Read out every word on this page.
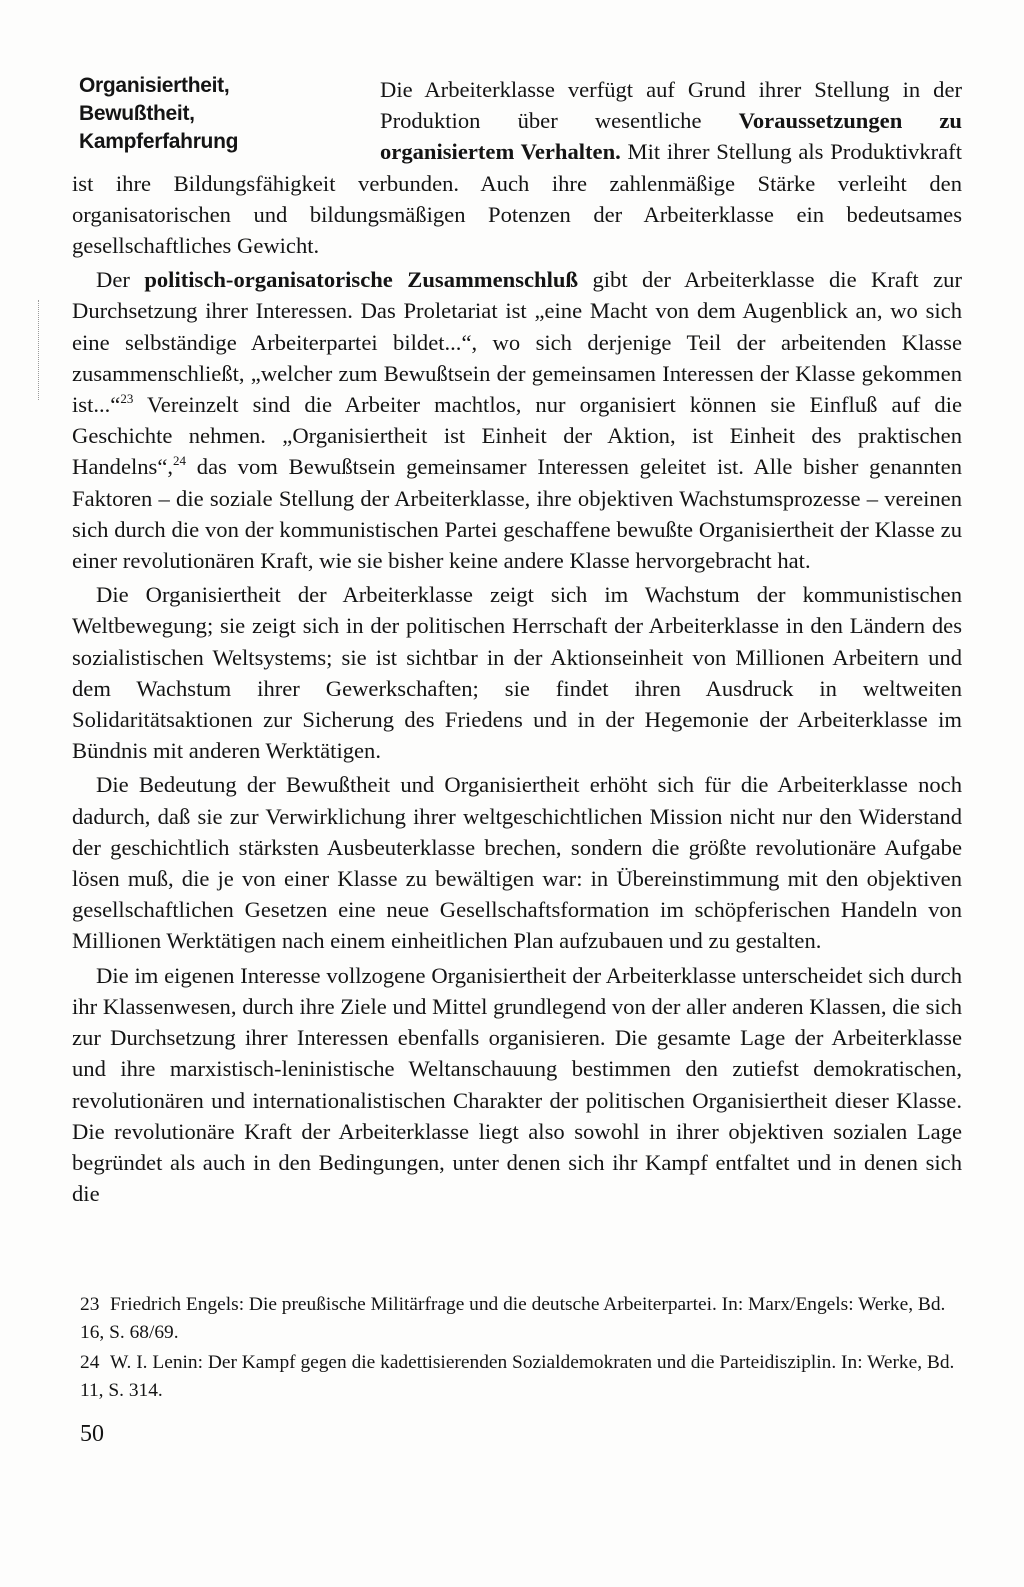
Organisiertheit,
Bewußtheit,
Kampferfahrung

Die Arbeiterklasse verfügt auf Grund ihrer Stellung in der Produktion über wesentliche Voraussetzungen zu organisiertem Verhalten. Mit ihrer Stellung als Produktivkraft ist ihre Bildungsfähigkeit verbunden. Auch ihre zahlenmäßige Stärke verleiht den organisatorischen und bildungsmäßigen Potenzen der Arbeiterklasse ein bedeutsames gesellschaftliches Gewicht.

Der politisch-organisatorische Zusammenschluß gibt der Arbeiterklasse die Kraft zur Durchsetzung ihrer Interessen. Das Proletariat ist „eine Macht von dem Augenblick an, wo sich eine selbständige Arbeiterpartei bildet...“, wo sich derjenige Teil der arbeitenden Klasse zusammenschließt, „welcher zum Bewußtsein der gemeinsamen Interessen der Klasse gekommen ist...“$^{23}$ Vereinzelt sind die Arbeiter machtlos, nur organisiert können sie Einfluß auf die Geschichte nehmen. „Organisiertheit ist Einheit der Aktion, ist Einheit des praktischen Handelns“,$^{24}$ das vom Bewußtsein gemeinsamer Interessen geleitet ist. Alle bisher genannten Faktoren – die soziale Stellung der Arbeiterklasse, ihre objektiven Wachstumsprozesse – vereinen sich durch die von der kommunistischen Partei geschaffene bewußte Organisiertheit der Klasse zu einer revolutionären Kraft, wie sie bisher keine andere Klasse hervorgebracht hat.

Die Organisiertheit der Arbeiterklasse zeigt sich im Wachstum der kommunistischen Weltbewegung; sie zeigt sich in der politischen Herrschaft der Arbeiterklasse in den Ländern des sozialistischen Weltsystems; sie ist sichtbar in der Aktionseinheit von Millionen Arbeitern und dem Wachstum ihrer Gewerkschaften; sie findet ihren Ausdruck in weltweiten Solidaritätsaktionen zur Sicherung des Friedens und in der Hegemonie der Arbeiterklasse im Bündnis mit anderen Werktätigen.

Die Bedeutung der Bewußtheit und Organisiertheit erhöht sich für die Arbeiterklasse noch dadurch, daß sie zur Verwirklichung ihrer weltgeschichtlichen Mission nicht nur den Widerstand der geschichtlich stärksten Ausbeuterklasse brechen, sondern die größte revolutionäre Aufgabe lösen muß, die je von einer Klasse zu bewältigen war: in Übereinstimmung mit den objektiven gesellschaftlichen Gesetzen eine neue Gesellschaftsformation im schöpferischen Handeln von Millionen Werktätigen nach einem einheitlichen Plan aufzubauen und zu gestalten.

Die im eigenen Interesse vollzogene Organisiertheit der Arbeiterklasse unterscheidet sich durch ihr Klassenwesen, durch ihre Ziele und Mittel grundlegend von der aller anderen Klassen, die sich zur Durchsetzung ihrer Interessen ebenfalls organisieren. Die gesamte Lage der Arbeiterklasse und ihre marxistisch-leninistische Weltanschauung bestimmen den zutiefst demokratischen, revolutionären und internationalistischen Charakter der politischen Organisiertheit dieser Klasse. Die revolutionäre Kraft der Arbeiterklasse liegt also sowohl in ihrer objektiven sozialen Lage begründet als auch in den Bedingungen, unter denen sich ihr Kampf entfaltet und in denen sich die

23 Friedrich Engels: Die preußische Militärfrage und die deutsche Arbeiterpartei. In: Marx/Engels: Werke, Bd. 16, S. 68/69.
24 W. I. Lenin: Der Kampf gegen die kadettisierenden Sozialdemokraten und die Parteidisziplin. In: Werke, Bd. 11, S. 314.
50
